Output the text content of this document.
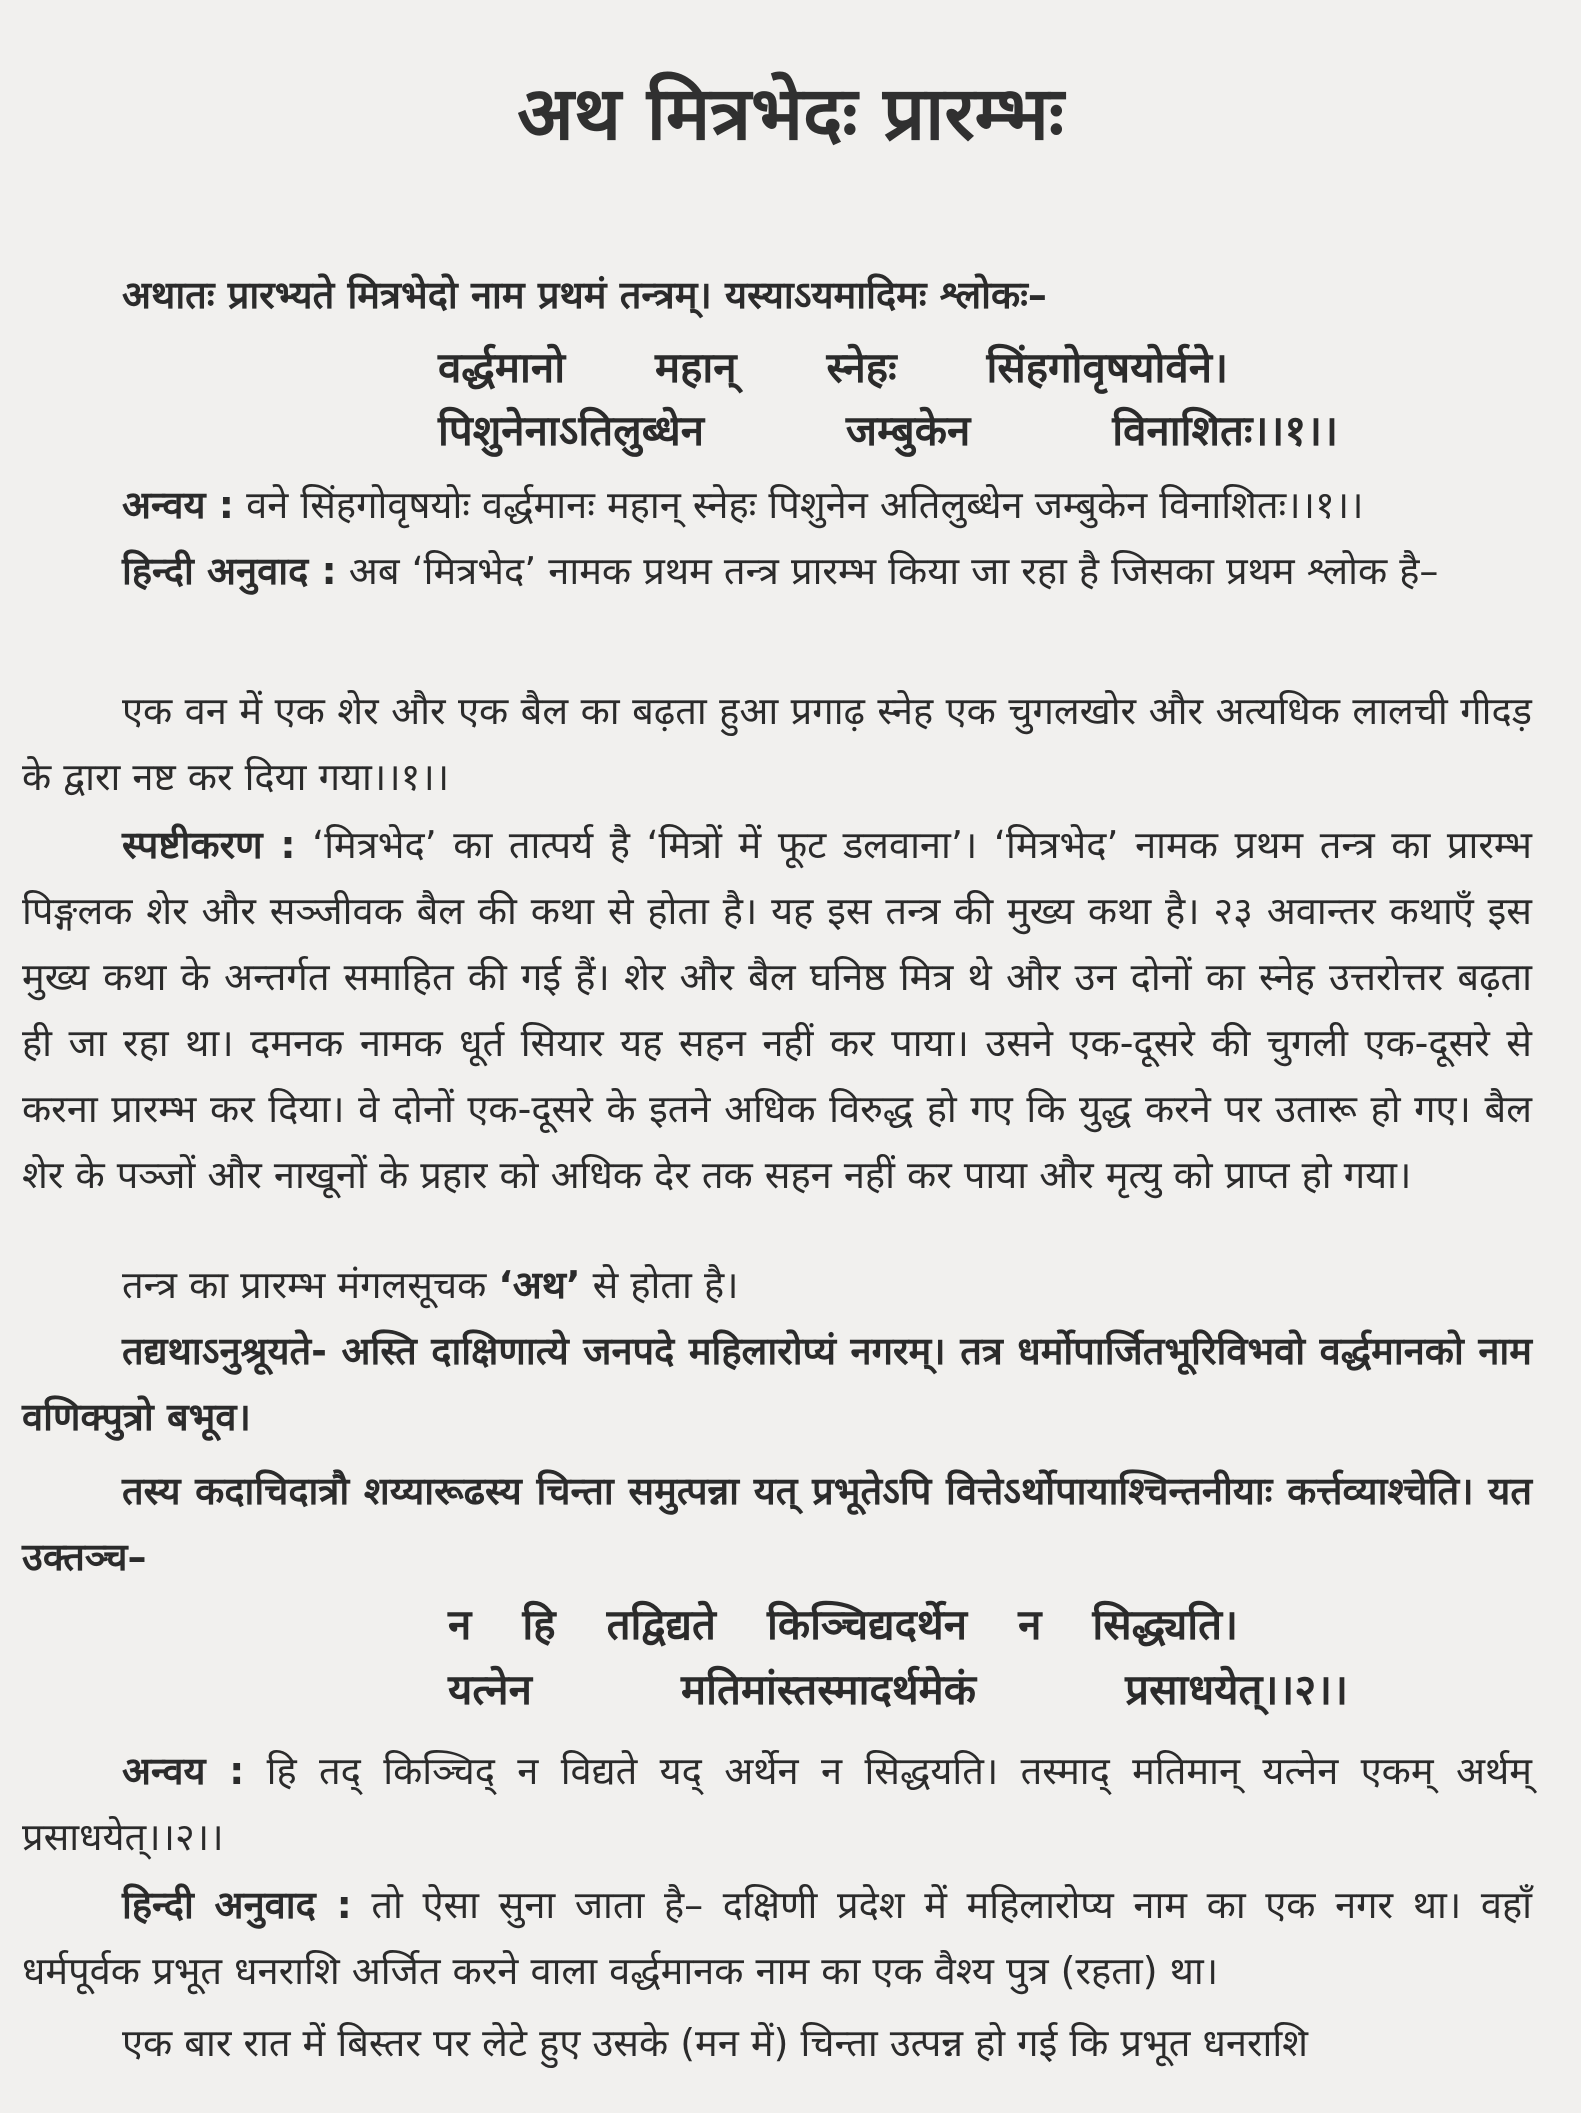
अथ मित्रभेदः प्रारम्भः

अथातः प्रारभ्यते मित्रभेदो नाम प्रथमं तन्त्रम्। यस्याऽयमादिमः श्लोकः–

वर्द्धमानो महान् स्नेहः सिंहगोवृषयोर्वने।
पिशुनेनाऽतिलुब्धेन जम्बुकेन विनाशितः।।१।।

अन्वय : वने सिंहगोवृषयोः वर्द्धमानः महान् स्नेहः पिशुनेन अतिलुब्धेन जम्बुकेन विनाशितः।।१।।

हिन्दी अनुवाद : अब ‘मित्रभेद’ नामक प्रथम तन्त्र प्रारम्भ किया जा रहा है जिसका प्रथम श्लोक है–

एक वन में एक शेर और एक बैल का बढ़ता हुआ प्रगाढ़ स्नेह एक चुगलखोर और अत्यधिक लालची गीदड़ के द्वारा नष्ट कर दिया गया।।१।।

स्पष्टीकरण : ‘मित्रभेद’ का तात्पर्य है ‘मित्रों में फूट डलवाना’। ‘मित्रभेद’ नामक प्रथम तन्त्र का प्रारम्भ पिङ्गलक शेर और सञ्जीवक बैल की कथा से होता है। यह इस तन्त्र की मुख्य कथा है। २३ अवान्तर कथाएँ इस मुख्य कथा के अन्तर्गत समाहित की गई हैं। शेर और बैल घनिष्ठ मित्र थे और उन दोनों का स्नेह उत्तरोत्तर बढ़ता ही जा रहा था। दमनक नामक धूर्त सियार यह सहन नहीं कर पाया। उसने एक-दूसरे की चुगली एक-दूसरे से करना प्रारम्भ कर दिया। वे दोनों एक-दूसरे के इतने अधिक विरुद्ध हो गए कि युद्ध करने पर उतारू हो गए। बैल शेर के पञ्जों और नाखूनों के प्रहार को अधिक देर तक सहन नहीं कर पाया और मृत्यु को प्राप्त हो गया।

तन्त्र का प्रारम्भ मंगलसूचक ‘अथ’ से होता है।

तद्यथाऽनुश्रूयते- अस्ति दाक्षिणात्ये जनपदे महिलारोप्यं नगरम्। तत्र धर्मोपार्जितभूरिविभवो वर्द्धमानको नाम वणिक्पुत्रो बभूव।

तस्य कदाचिदात्रौ शय्यारूढस्य चिन्ता समुत्पन्ना यत् प्रभूतेऽपि वित्तेऽर्थोपायाश्चिन्तनीयाः कर्त्तव्याश्चेति। यत उक्तञ्च–

न हि तद्विद्यते किञ्चिद्यदर्थेन न सिद्ध्यति।
यत्नेन मतिमांस्तस्मादर्थमेकं प्रसाधयेत्।।२।।

अन्वय : हि तद् किञ्चिद् न विद्यते यद् अर्थेन न सिद्धयति। तस्माद् मतिमान् यत्नेन एकम् अर्थम् प्रसाधयेत्।।२।।

हिन्दी अनुवाद : तो ऐसा सुना जाता है– दक्षिणी प्रदेश में महिलारोप्य नाम का एक नगर था। वहाँ धर्मपूर्वक प्रभूत धनराशि अर्जित करने वाला वर्द्धमानक नाम का एक वैश्य पुत्र (रहता) था।

एक बार रात में बिस्तर पर लेटे हुए उसके (मन में) चिन्ता उत्पन्न हो गई कि प्रभूत धनराशि
